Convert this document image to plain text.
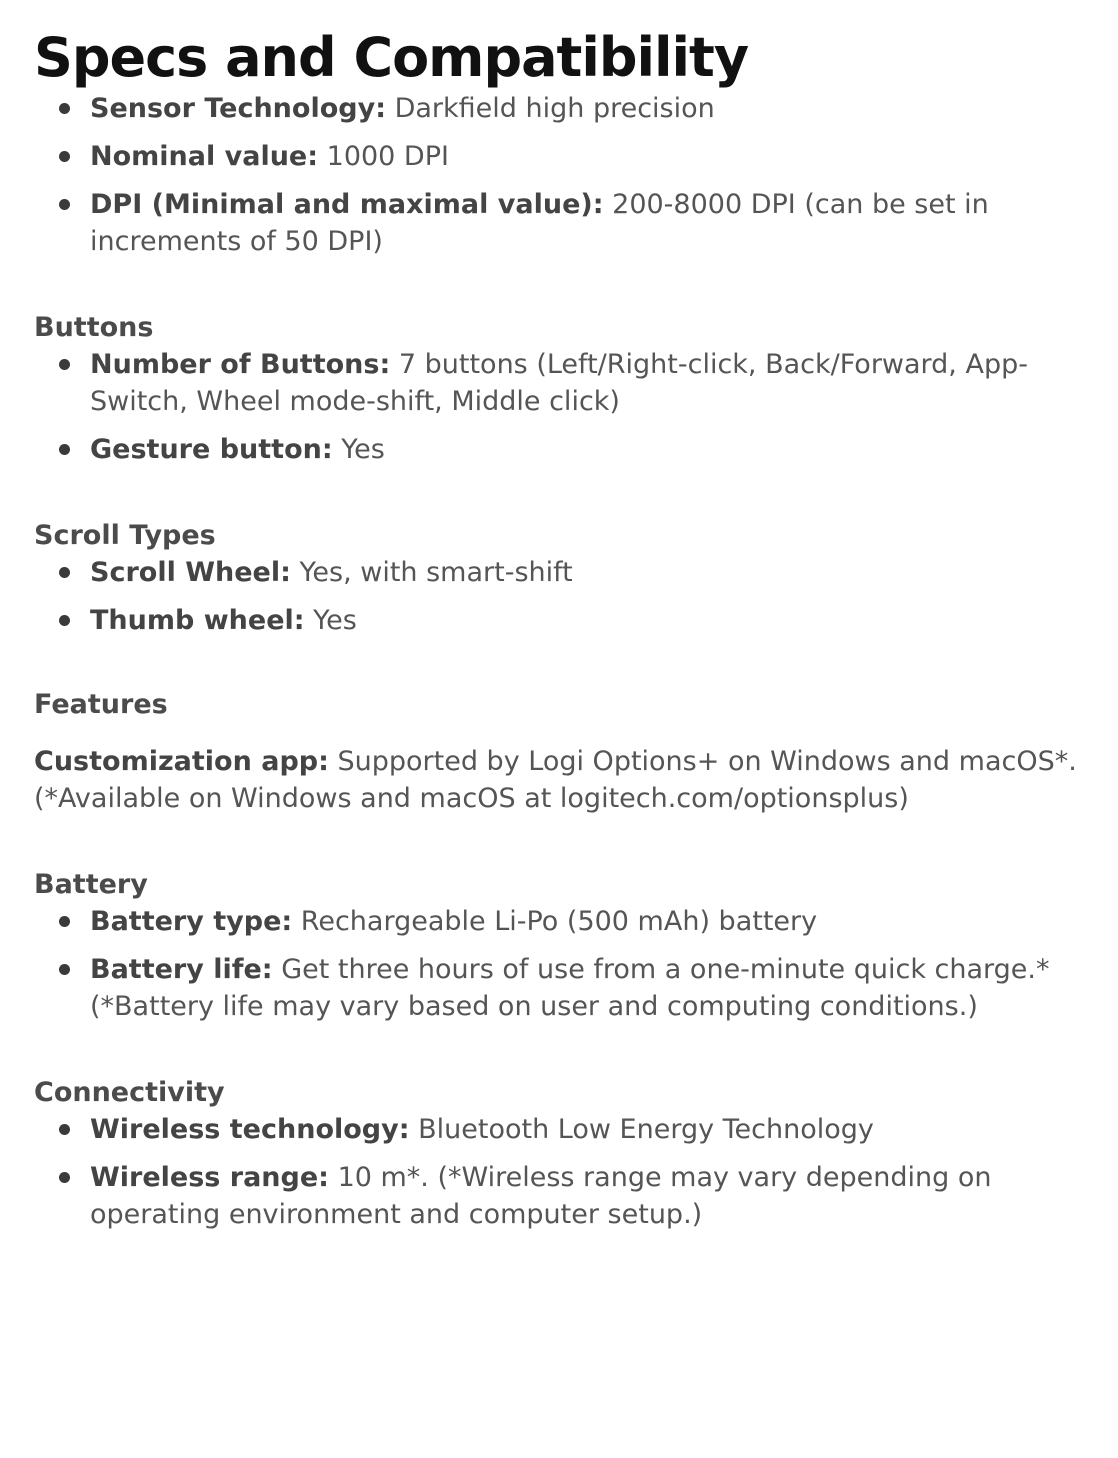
Specs and Compatibility
Sensor Technology: Darkfield high precision
Nominal value: 1000 DPI
DPI (Minimal and maximal value): 200-8000 DPI (can be set in increments of 50 DPI)
Buttons
Number of Buttons: 7 buttons (Left/Right-click, Back/Forward, App-Switch, Wheel mode-shift, Middle click)
Gesture button: Yes
Scroll Types
Scroll Wheel: Yes, with smart-shift
Thumb wheel: Yes
Features

Customization app: Supported by Logi Options+ on Windows and macOS*. (*Available on Windows and macOS at logitech.com/optionsplus)

Battery
Battery type: Rechargeable Li-Po (500 mAh) battery
Battery life: Get three hours of use from a one-minute quick charge.* (*Battery life may vary based on user and computing conditions.)
Connectivity
Wireless technology: Bluetooth Low Energy Technology
Wireless range: 10 m*. (*Wireless range may vary depending on operating environment and computer setup.)
